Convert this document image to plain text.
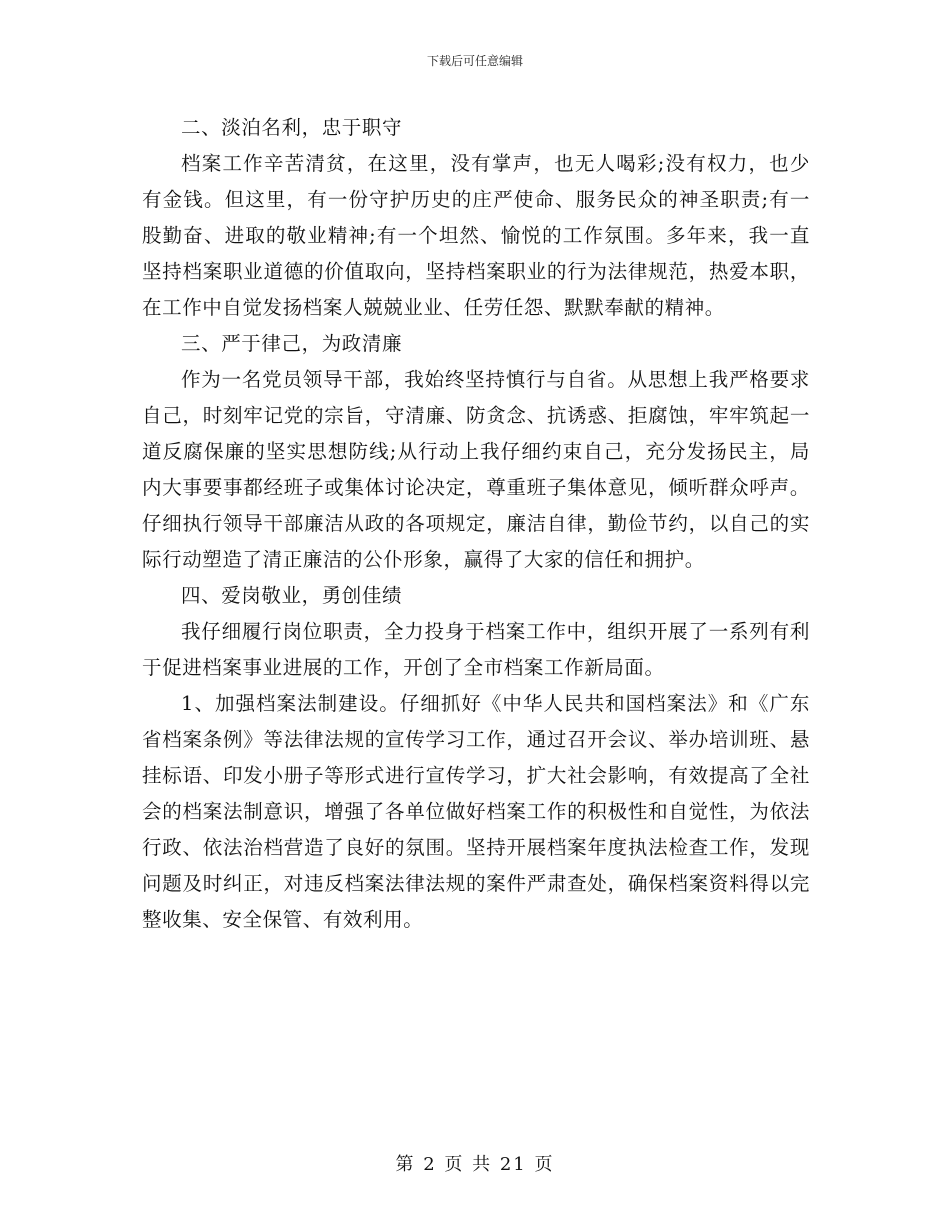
下载后可任意编辑

二、淡泊名利，忠于职守

档案工作辛苦清贫，在这里，没有掌声，也无人喝彩;没有权力，也少有金钱。但这里，有一份守护历史的庄严使命、服务民众的神圣职责;有一股勤奋、进取的敬业精神;有一个坦然、愉悦的工作氛围。多年来，我一直坚持档案职业道德的价值取向，坚持档案职业的行为法律规范，热爱本职，在工作中自觉发扬档案人兢兢业业、任劳任怨、默默奉献的精神。

三、严于律己，为政清廉

作为一名党员领导干部，我始终坚持慎行与自省。从思想上我严格要求自己，时刻牢记党的宗旨，守清廉、防贪念、抗诱惑、拒腐蚀，牢牢筑起一道反腐保廉的坚实思想防线;从行动上我仔细约束自己，充分发扬民主，局内大事要事都经班子或集体讨论决定，尊重班子集体意见，倾听群众呼声。仔细执行领导干部廉洁从政的各项规定，廉洁自律，勤俭节约，以自己的实际行动塑造了清正廉洁的公仆形象，赢得了大家的信任和拥护。

四、爱岗敬业，勇创佳绩

我仔细履行岗位职责，全力投身于档案工作中，组织开展了一系列有利于促进档案事业进展的工作，开创了全市档案工作新局面。

1、加强档案法制建设。仔细抓好《中华人民共和国档案法》和《广东省档案条例》等法律法规的宣传学习工作，通过召开会议、举办培训班、悬挂标语、印发小册子等形式进行宣传学习，扩大社会影响，有效提高了全社会的档案法制意识，增强了各单位做好档案工作的积极性和自觉性，为依法行政、依法治档营造了良好的氛围。坚持开展档案年度执法检查工作，发现问题及时纠正，对违反档案法律法规的案件严肃查处，确保档案资料得以完整收集、安全保管、有效利用。

第 2 页 共 21 页
